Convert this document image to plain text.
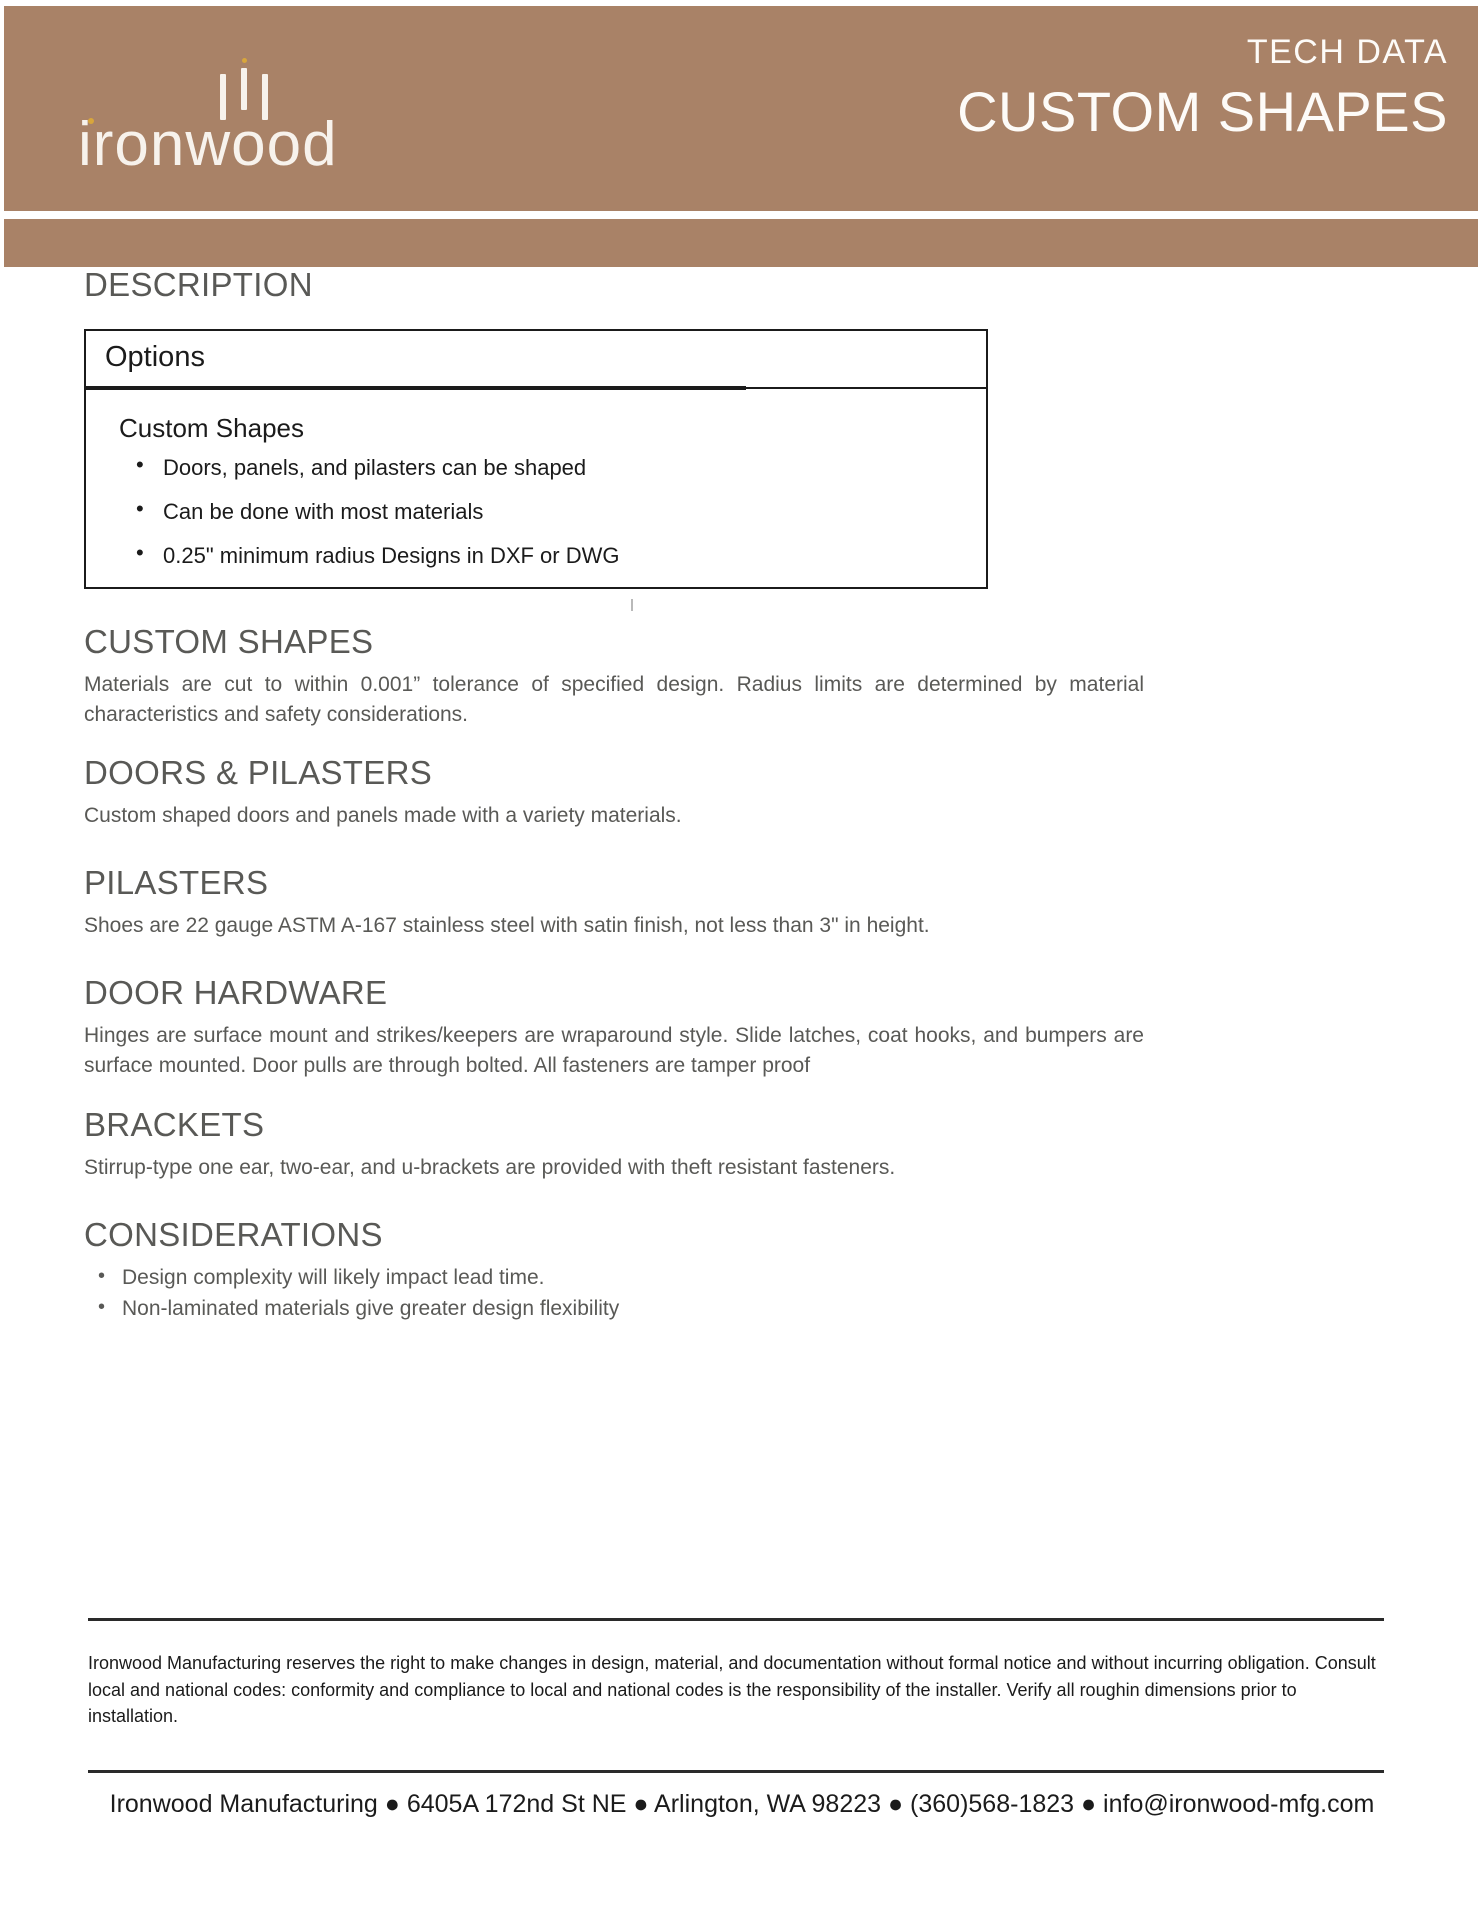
ironwood
TECH DATA
CUSTOM SHAPES
DESCRIPTION
Options
Custom Shapes
• Doors, panels, and pilasters can be shaped
• Can be done with most materials
• 0.25" minimum radius Designs in DXF or DWG
CUSTOM SHAPES

Materials are cut to within 0.001” tolerance of specified design. Radius limits are determined by material characteristics and safety considerations.

DOORS & PILASTERS

Custom shaped doors and panels made with a variety materials.

PILASTERS

Shoes are 22 gauge ASTM A-167 stainless steel with satin finish, not less than 3" in height.

DOOR HARDWARE

Hinges are surface mount and strikes/keepers are wraparound style. Slide latches, coat hooks, and bumpers are surface mounted. Door pulls are through bolted. All fasteners are tamper proof

BRACKETS

Stirrup-type one ear, two-ear, and u-brackets are provided with theft resistant fasteners.

CONSIDERATIONS
• Design complexity will likely impact lead time.
• Non-laminated materials give greater design flexibility
Ironwood Manufacturing reserves the right to make changes in design, material, and documentation without formal notice and without incurring obligation. Consult local and national codes: conformity and compliance to local and national codes is the responsibility of the installer. Verify all roughin dimensions prior to installation.
Ironwood Manufacturing ● 6405A 172nd St NE ● Arlington, WA 98223 ● (360)568-1823 ● info@ironwood-mfg.com
